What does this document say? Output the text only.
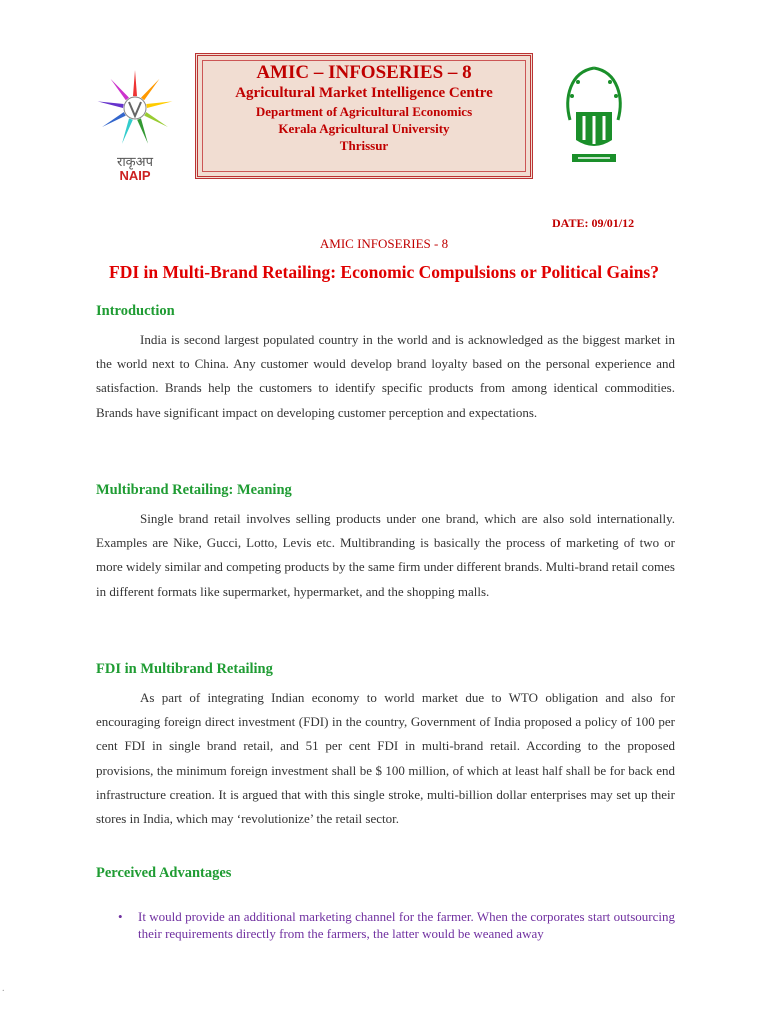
राकृअप
NAIP
AMIC – INFOSERIES – 8
Agricultural Market Intelligence Centre
Department of Agricultural Economics
Kerala Agricultural University
Thrissur
DATE: 09/01/12
AMIC INFOSERIES - 8
FDI in Multi-Brand Retailing: Economic Compulsions or Political Gains?
Introduction
India is second largest populated country in the world and is acknowledged as the biggest market in the world next to China. Any customer would develop brand loyalty based on the personal experience and satisfaction. Brands help the customers to identify specific products from among identical commodities. Brands have significant impact on developing customer perception and expectations.
Multibrand Retailing: Meaning
Single brand retail involves selling products under one brand, which are also sold internationally. Examples are Nike, Gucci, Lotto, Levis etc. Multibranding is basically the process of marketing of two or more widely similar and competing products by the same firm under different brands. Multi-brand retail comes in different formats like supermarket, hypermarket, and the shopping malls.
FDI in Multibrand Retailing
As part of integrating Indian economy to world market due to WTO obligation and also for encouraging foreign direct investment (FDI) in the country, Government of India proposed a policy of 100 per cent FDI in single brand retail, and 51 per cent FDI in multi-brand retail. According to the proposed provisions, the minimum foreign investment shall be $ 100 million, of which at least half shall be for back end infrastructure creation. It is argued that with this single stroke, multi-billion dollar enterprises may set up their stores in India, which may ‘revolutionize’ the retail sector.
Perceived Advantages
• It would provide an additional marketing channel for the farmer. When the corporates start outsourcing their requirements directly from the farmers, the latter would be weaned away
.
